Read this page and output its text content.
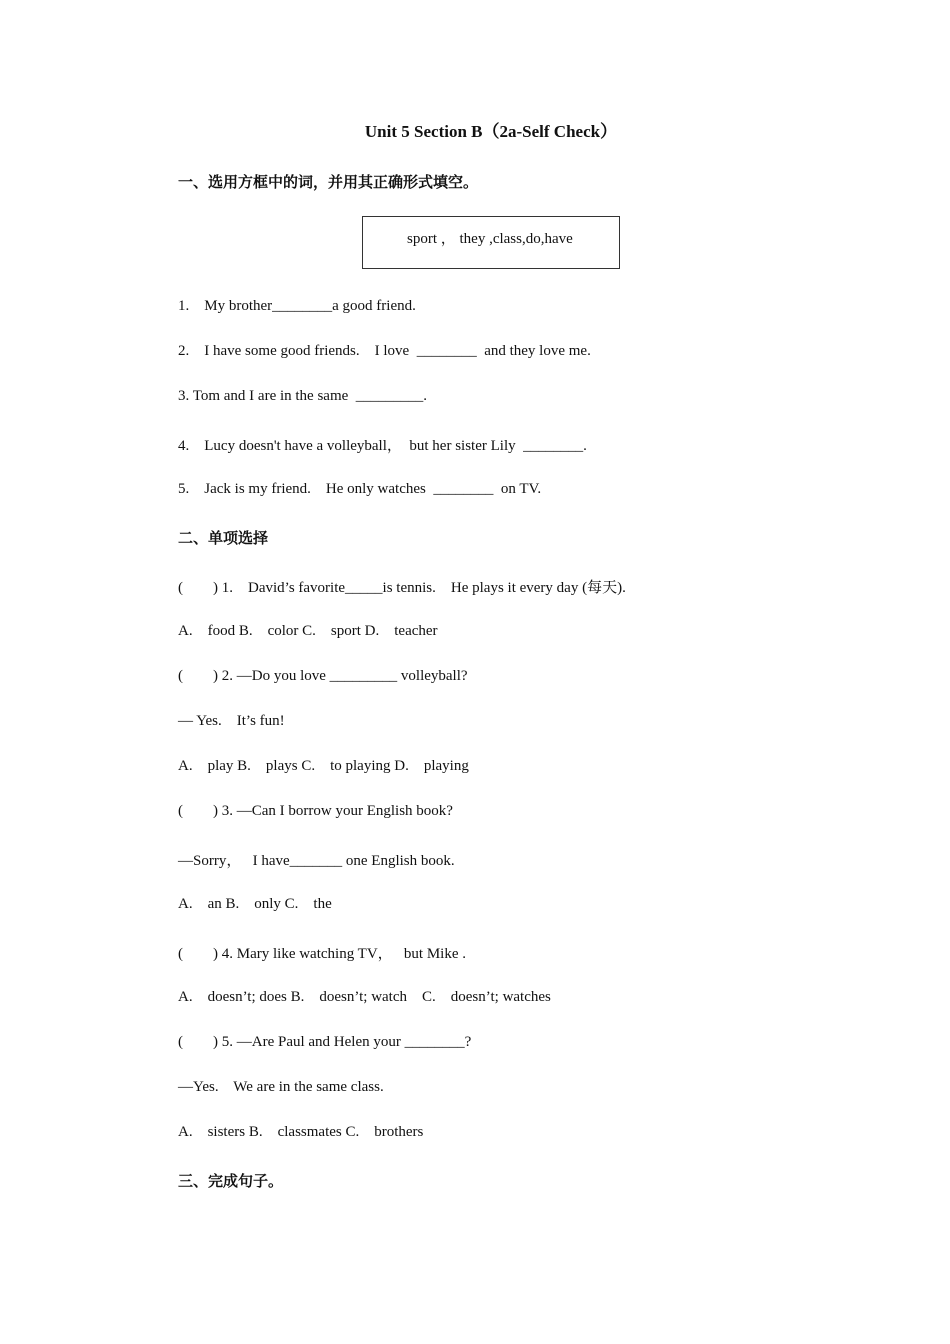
Unit 5 Section B（2a-Self Check）
一、选用方框中的词，并用其正确形式填空。
sport ， they ,class,do,have
1.    My brother________a good friend.
2.    I have some good friends.    I love  ________  and they love me.
3. Tom and I are in the same  _________.
4.    Lucy doesn't have a volleyball，  but her sister Lily  ________.
5.    Jack is my friend.    He only watches  ________  on TV.
二、单项选择
(        ) 1.    David’s favorite_____is tennis.    He plays it every day (每天).
A.    food B.    color C.    sport D.    teacher
(        ) 2. —Do you love _________ volleyball?
— Yes.    It’s fun!
A.    play B.    plays C.    to playing D.    playing
(        ) 3. —Can I borrow your English book?
—Sorry，   I have_______ one English book.
A.    an B.    only C.    the
(        ) 4. Mary like watching TV，   but Mike .
A.    doesn’t; does B.    doesn’t; watch    C.    doesn’t; watches
(        ) 5. —Are Paul and Helen your ________?
—Yes.    We are in the same class.
A.    sisters B.    classmates C.    brothers
三、完成句子。
